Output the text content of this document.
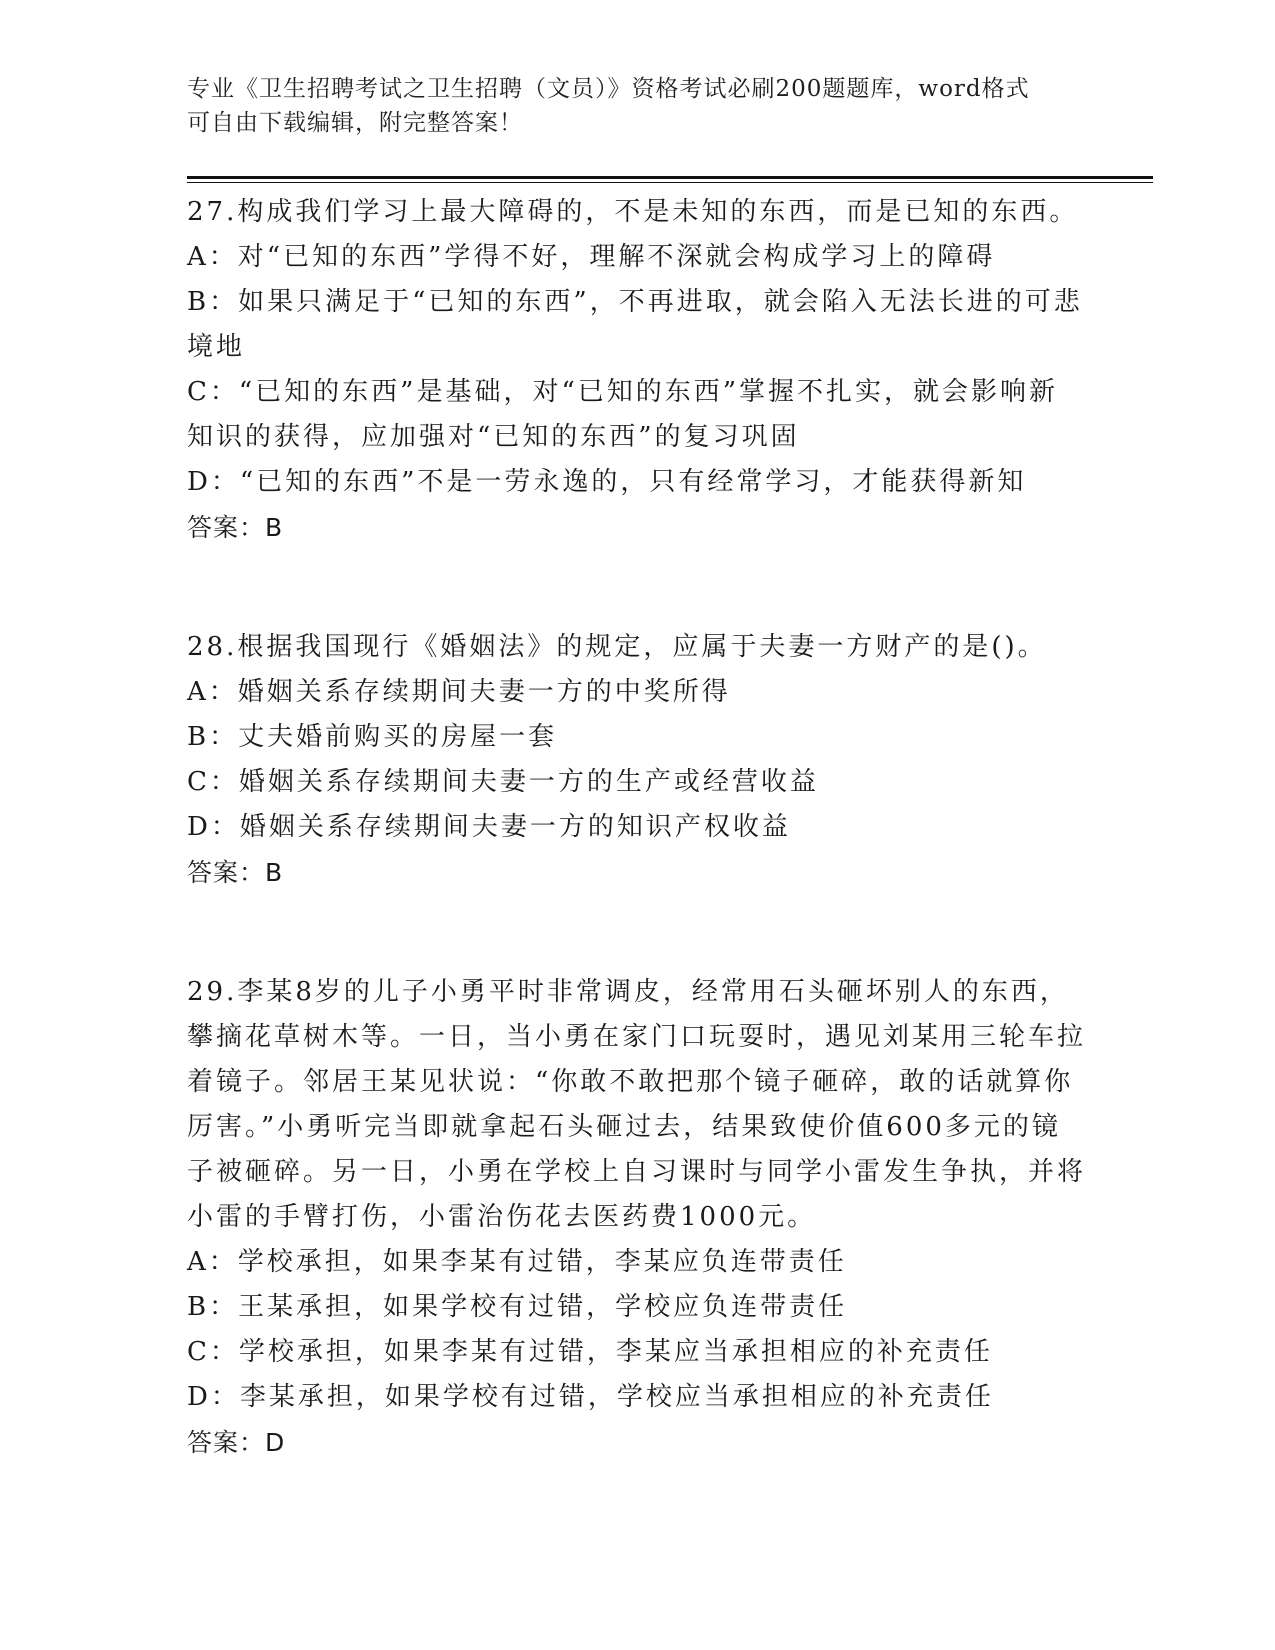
专业《卫生招聘考试之卫生招聘（文员）》资格考试必刷200题题库，word格式
可自由下载编辑，附完整答案！
27.构成我们学习上最大障碍的，不是未知的东西，而是已知的东西。
A：对“已知的东西”学得不好，理解不深就会构成学习上的障碍
B：如果只满足于“已知的东西”，不再进取，就会陷入无法长进的可悲境地
C：“已知的东西”是基础，对“已知的东西”掌握不扎实，就会影响新知识的获得，应加强对“已知的东西”的复习巩固
D：“已知的东西”不是一劳永逸的，只有经常学习，才能获得新知
答案：B
28.根据我国现行《婚姻法》的规定，应属于夫妻一方财产的是()。
A：婚姻关系存续期间夫妻一方的中奖所得
B：丈夫婚前购买的房屋一套
C：婚姻关系存续期间夫妻一方的生产或经营收益
D：婚姻关系存续期间夫妻一方的知识产权收益
答案：B
29.李某8岁的儿子小勇平时非常调皮，经常用石头砸坏别人的东西，攀摘花草树木等。一日，当小勇在家门口玩耍时，遇见刘某用三轮车拉着镜子。邻居王某见状说：“你敢不敢把那个镜子砸碎，敢的话就算你厉害。”小勇听完当即就拿起石头砸过去，结果致使价值600多元的镜子被砸碎。另一日，小勇在学校上自习课时与同学小雷发生争执，并将小雷的手臂打伤，小雷治伤花去医药费1000元。
A：学校承担，如果李某有过错，李某应负连带责任
B：王某承担，如果学校有过错，学校应负连带责任
C：学校承担，如果李某有过错，李某应当承担相应的补充责任
D：李某承担，如果学校有过错，学校应当承担相应的补充责任
答案：D
